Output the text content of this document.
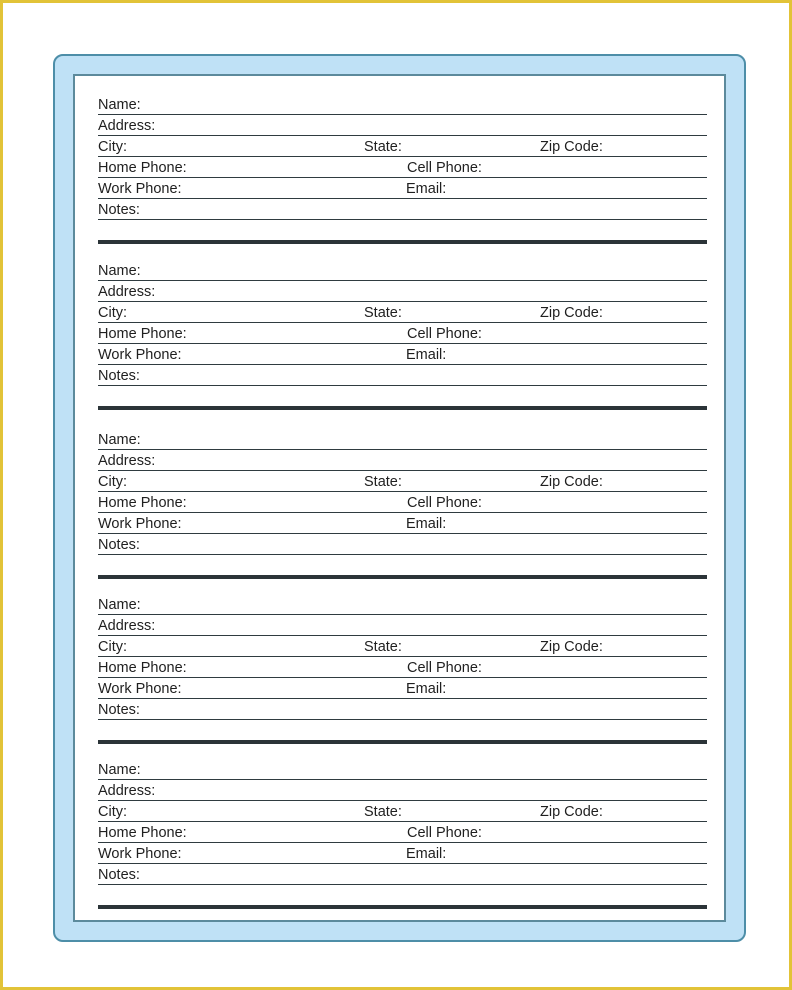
Name:
Address:
City:	State:	Zip Code:
Home Phone:	Cell Phone:
Work Phone:	Email:
Notes:
Name:
Address:
City:	State:	Zip Code:
Home Phone:	Cell Phone:
Work Phone:	Email:
Notes:
Name:
Address:
City:	State:	Zip Code:
Home Phone:	Cell Phone:
Work Phone:	Email:
Notes:
Name:
Address:
City:	State:	Zip Code:
Home Phone:	Cell Phone:
Work Phone:	Email:
Notes:
Name:
Address:
City:	State:	Zip Code:
Home Phone:	Cell Phone:
Work Phone:	Email:
Notes:
